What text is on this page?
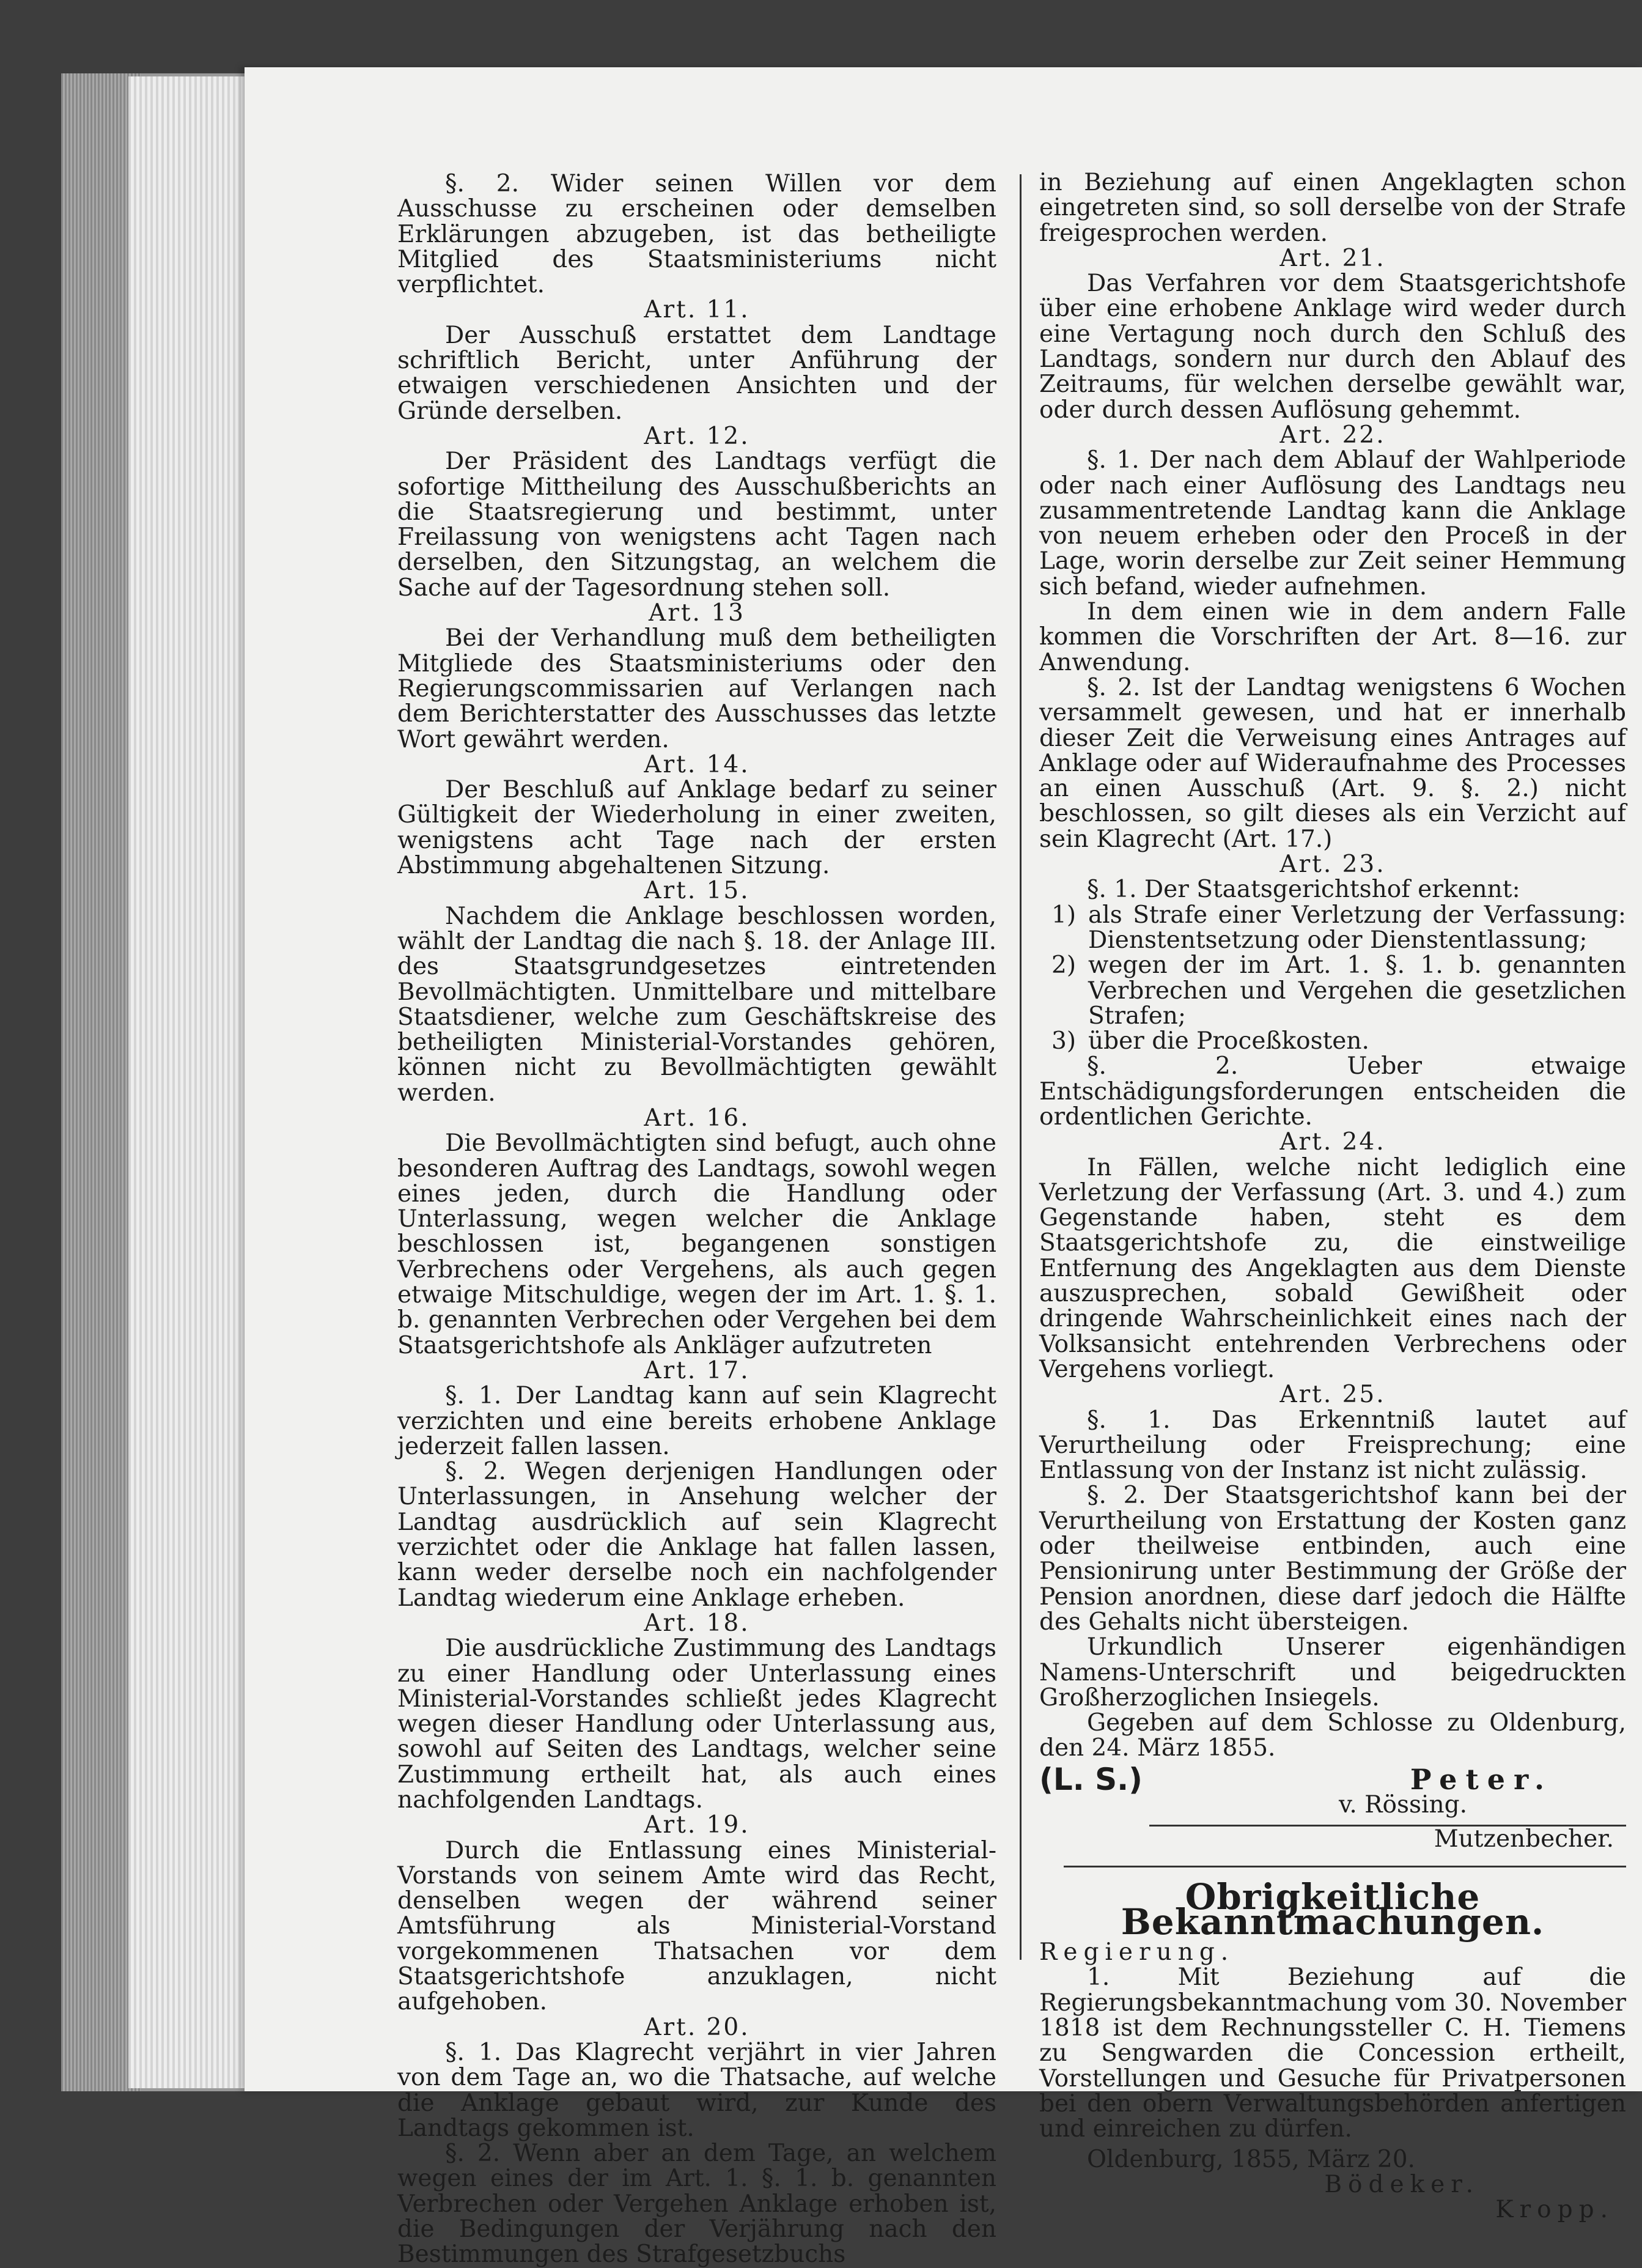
§. 2. Wider seinen Willen vor dem Ausschusse zu erscheinen oder demselben Erklärungen abzugeben, ist das betheiligte Mitglied des Staatsministeriums nicht verpflichtet.

Art. 11.

Der Ausschuß erstattet dem Landtage schriftlich Bericht, unter Anführung der etwaigen verschiedenen Ansichten und der Gründe derselben.

Art. 12.

Der Präsident des Landtags verfügt die sofortige Mittheilung des Ausschußberichts an die Staatsregierung und bestimmt, unter Freilassung von wenigstens acht Tagen nach derselben, den Sitzungstag, an welchem die Sache auf der Tagesordnung stehen soll.

Art. 13

Bei der Verhandlung muß dem betheiligten Mitgliede des Staatsministeriums oder den Regierungscommissarien auf Verlangen nach dem Berichterstatter des Ausschusses das letzte Wort gewährt werden.

Art. 14.

Der Beschluß auf Anklage bedarf zu seiner Gültigkeit der Wiederholung in einer zweiten, wenigstens acht Tage nach der ersten Abstimmung abgehaltenen Sitzung.

Art. 15.

Nachdem die Anklage beschlossen worden, wählt der Landtag die nach §. 18. der Anlage III. des Staatsgrundgesetzes eintretenden Bevollmächtigten. Unmittelbare und mittelbare Staatsdiener, welche zum Geschäftskreise des betheiligten Ministerial-Vorstandes gehören, können nicht zu Bevollmächtigten gewählt werden.

Art. 16.

Die Bevollmächtigten sind befugt, auch ohne besonderen Auftrag des Landtags, sowohl wegen eines jeden, durch die Handlung oder Unterlassung, wegen welcher die Anklage beschlossen ist, begangenen sonstigen Verbrechens oder Vergehens, als auch gegen etwaige Mitschuldige, wegen der im Art. 1. §. 1. b. genannten Verbrechen oder Vergehen bei dem Staatsgerichtshofe als Ankläger aufzutreten

Art. 17.

§. 1. Der Landtag kann auf sein Klagrecht verzichten und eine bereits erhobene Anklage jederzeit fallen lassen.

§. 2. Wegen derjenigen Handlungen oder Unterlassungen, in Ansehung welcher der Landtag ausdrücklich auf sein Klagrecht verzichtet oder die Anklage hat fallen lassen, kann weder derselbe noch ein nachfolgender Landtag wiederum eine Anklage erheben.

Art. 18.

Die ausdrückliche Zustimmung des Landtags zu einer Handlung oder Unterlassung eines Ministerial-Vorstandes schließt jedes Klagrecht wegen dieser Handlung oder Unterlassung aus, sowohl auf Seiten des Landtags, welcher seine Zustimmung ertheilt hat, als auch eines nachfolgenden Landtags.

Art. 19.

Durch die Entlassung eines Ministerial-Vorstands von seinem Amte wird das Recht, denselben wegen der während seiner Amtsführung als Ministerial-Vorstand vorgekommenen Thatsachen vor dem Staatsgerichtshofe anzuklagen, nicht aufgehoben.

Art. 20.

§. 1. Das Klagrecht verjährt in vier Jahren von dem Tage an, wo die Thatsache, auf welche die Anklage gebaut wird, zur Kunde des Landtags gekommen ist.

§. 2. Wenn aber an dem Tage, an welchem wegen eines der im Art. 1. §. 1. b. genannten Verbrechen oder Vergehen Anklage erhoben ist, die Bedingungen der Verjährung nach den Bestimmungen des Strafgesetzbuchs

in Beziehung auf einen Angeklagten schon eingetreten sind, so soll derselbe von der Strafe freigesprochen werden.

Art. 21.

Das Verfahren vor dem Staatsgerichtshofe über eine erhobene Anklage wird weder durch eine Vertagung noch durch den Schluß des Landtags, sondern nur durch den Ablauf des Zeitraums, für welchen derselbe gewählt war, oder durch dessen Auflösung gehemmt.

Art. 22.

§. 1. Der nach dem Ablauf der Wahlperiode oder nach einer Auflösung des Landtags neu zusammentretende Landtag kann die Anklage von neuem erheben oder den Proceß in der Lage, worin derselbe zur Zeit seiner Hemmung sich befand, wieder aufnehmen.

In dem einen wie in dem andern Falle kommen die Vorschriften der Art. 8—16. zur Anwendung.

§. 2. Ist der Landtag wenigstens 6 Wochen versammelt gewesen, und hat er innerhalb dieser Zeit die Verweisung eines Antrages auf Anklage oder auf Wideraufnahme des Processes an einen Ausschuß (Art. 9. §. 2.) nicht beschlossen, so gilt dieses als ein Verzicht auf sein Klagrecht (Art. 17.)

Art. 23.

§. 1. Der Staatsgerichtshof erkennt:

1) als Strafe einer Verletzung der Verfassung: Dienstentsetzung oder Dienstentlassung;

2) wegen der im Art. 1. §. 1. b. genannten Verbrechen und Vergehen die gesetzlichen Strafen;

3) über die Proceßkosten.

§. 2. Ueber etwaige Entschädigungsforderungen entscheiden die ordentlichen Gerichte.

Art. 24.

In Fällen, welche nicht lediglich eine Verletzung der Verfassung (Art. 3. und 4.) zum Gegenstande haben, steht es dem Staatsgerichtshofe zu, die einstweilige Entfernung des Angeklagten aus dem Dienste auszusprechen, sobald Gewißheit oder dringende Wahrscheinlichkeit eines nach der Volksansicht entehrenden Verbrechens oder Vergehens vorliegt.

Art. 25.

§. 1. Das Erkenntniß lautet auf Verurtheilung oder Freisprechung; eine Entlassung von der Instanz ist nicht zulässig.

§. 2. Der Staatsgerichtshof kann bei der Verurtheilung von Erstattung der Kosten ganz oder theilweise entbinden, auch eine Pensionirung unter Bestimmung der Größe der Pension anordnen, diese darf jedoch die Hälfte des Gehalts nicht übersteigen.

Urkundlich Unserer eigenhändigen Namens-Unterschrift und beigedruckten Großherzoglichen Insiegels.

Gegeben auf dem Schlosse zu Oldenburg, den 24. März 1855.

(L. S.)	Peter.

v. Rössing.

Mutzenbecher.

Obrigkeitliche Bekanntmachungen.

Regierung.

1. Mit Beziehung auf die Regierungsbekanntmachung vom 30. November 1818 ist dem Rechnungssteller C. H. Tiemens zu Sengwarden die Concession ertheilt, Vorstellungen und Gesuche für Privatpersonen bei den obern Verwaltungsbehörden anfertigen und einreichen zu dürfen.

Oldenburg, 1855, März 20.

Bödeker.

Kropp.
